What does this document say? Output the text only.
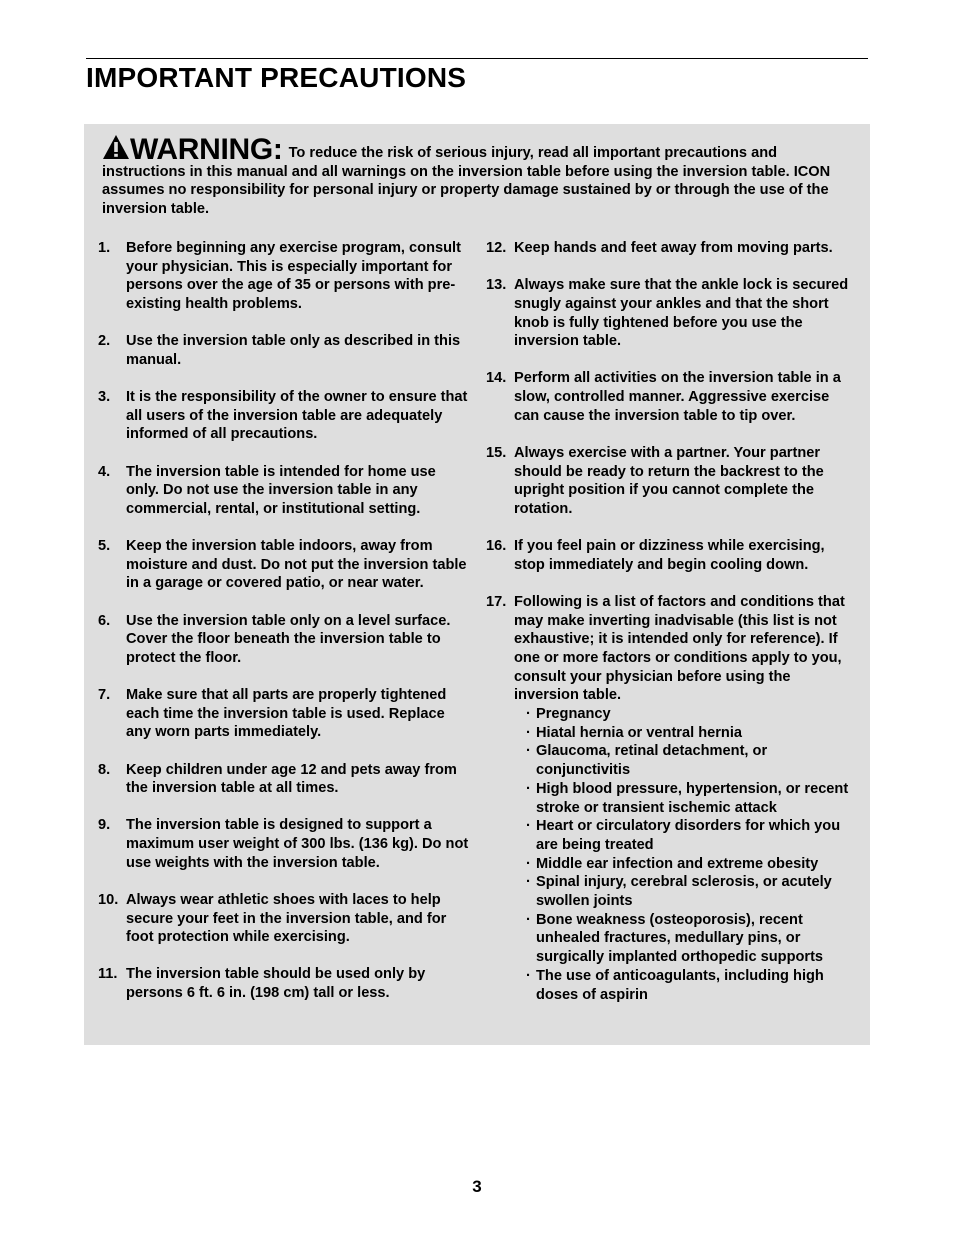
IMPORTANT PRECAUTIONS
WARNING: To reduce the risk of serious injury, read all important precautions and instructions in this manual and all warnings on the inversion table before using the inversion table. ICON assumes no responsibility for personal injury or property damage sustained by or through the use of the inversion table.
1.	Before beginning any exercise program, consult your physician. This is especially important for persons over the age of 35 or persons with pre-existing health problems.
2.	Use the inversion table only as described in this manual.
3.	It is the responsibility of the owner to ensure that all users of the inversion table are adequately informed of all precautions.
4.	The inversion table is intended for home use only. Do not use the inversion table in any commercial, rental, or institutional setting.
5.	Keep the inversion table indoors, away from moisture and dust. Do not put the inversion table in a garage or covered patio, or near water.
6.	Use the inversion table only on a level surface. Cover the floor beneath the inversion table to protect the floor.
7.	Make sure that all parts are properly tightened each time the inversion table is used. Replace any worn parts immediately.
8.	Keep children under age 12 and pets away from the inversion table at all times.
9.	The inversion table is designed to support a maximum user weight of 300 lbs. (136 kg). Do not use weights with the inversion table.
10. Always wear athletic shoes with laces to help secure your feet in the inversion table, and for foot protection while exercising.
11. The inversion table should be used only by persons 6 ft. 6 in. (198 cm) tall or less.
12. Keep hands and feet away from moving parts.
13. Always make sure that the ankle lock is secured snugly against your ankles and that the short knob is fully tightened before you use the inversion table.
14. Perform all activities on the inversion table in a slow, controlled manner. Aggressive exercise can cause the inversion table to tip over.
15. Always exercise with a partner. Your partner should be ready to return the backrest to the upright position if you cannot complete the rotation.
16. If you feel pain or dizziness while exercising, stop immediately and begin cooling down.
17. Following is a list of factors and conditions that may make inverting inadvisable (this list is not exhaustive; it is intended only for reference). If one or more factors or conditions apply to you, consult your physician before using the inversion table.
· Pregnancy
· Hiatal hernia or ventral hernia
· Glaucoma, retinal detachment, or conjunctivitis
· High blood pressure, hypertension, or recent stroke or transient ischemic attack
· Heart or circulatory disorders for which you are being treated
· Middle ear infection and extreme obesity
· Spinal injury, cerebral sclerosis, or acutely swollen joints
· Bone weakness (osteoporosis), recent unhealed fractures, medullary pins, or surgically implanted orthopedic supports
· The use of anticoagulants, including high doses of aspirin
3
